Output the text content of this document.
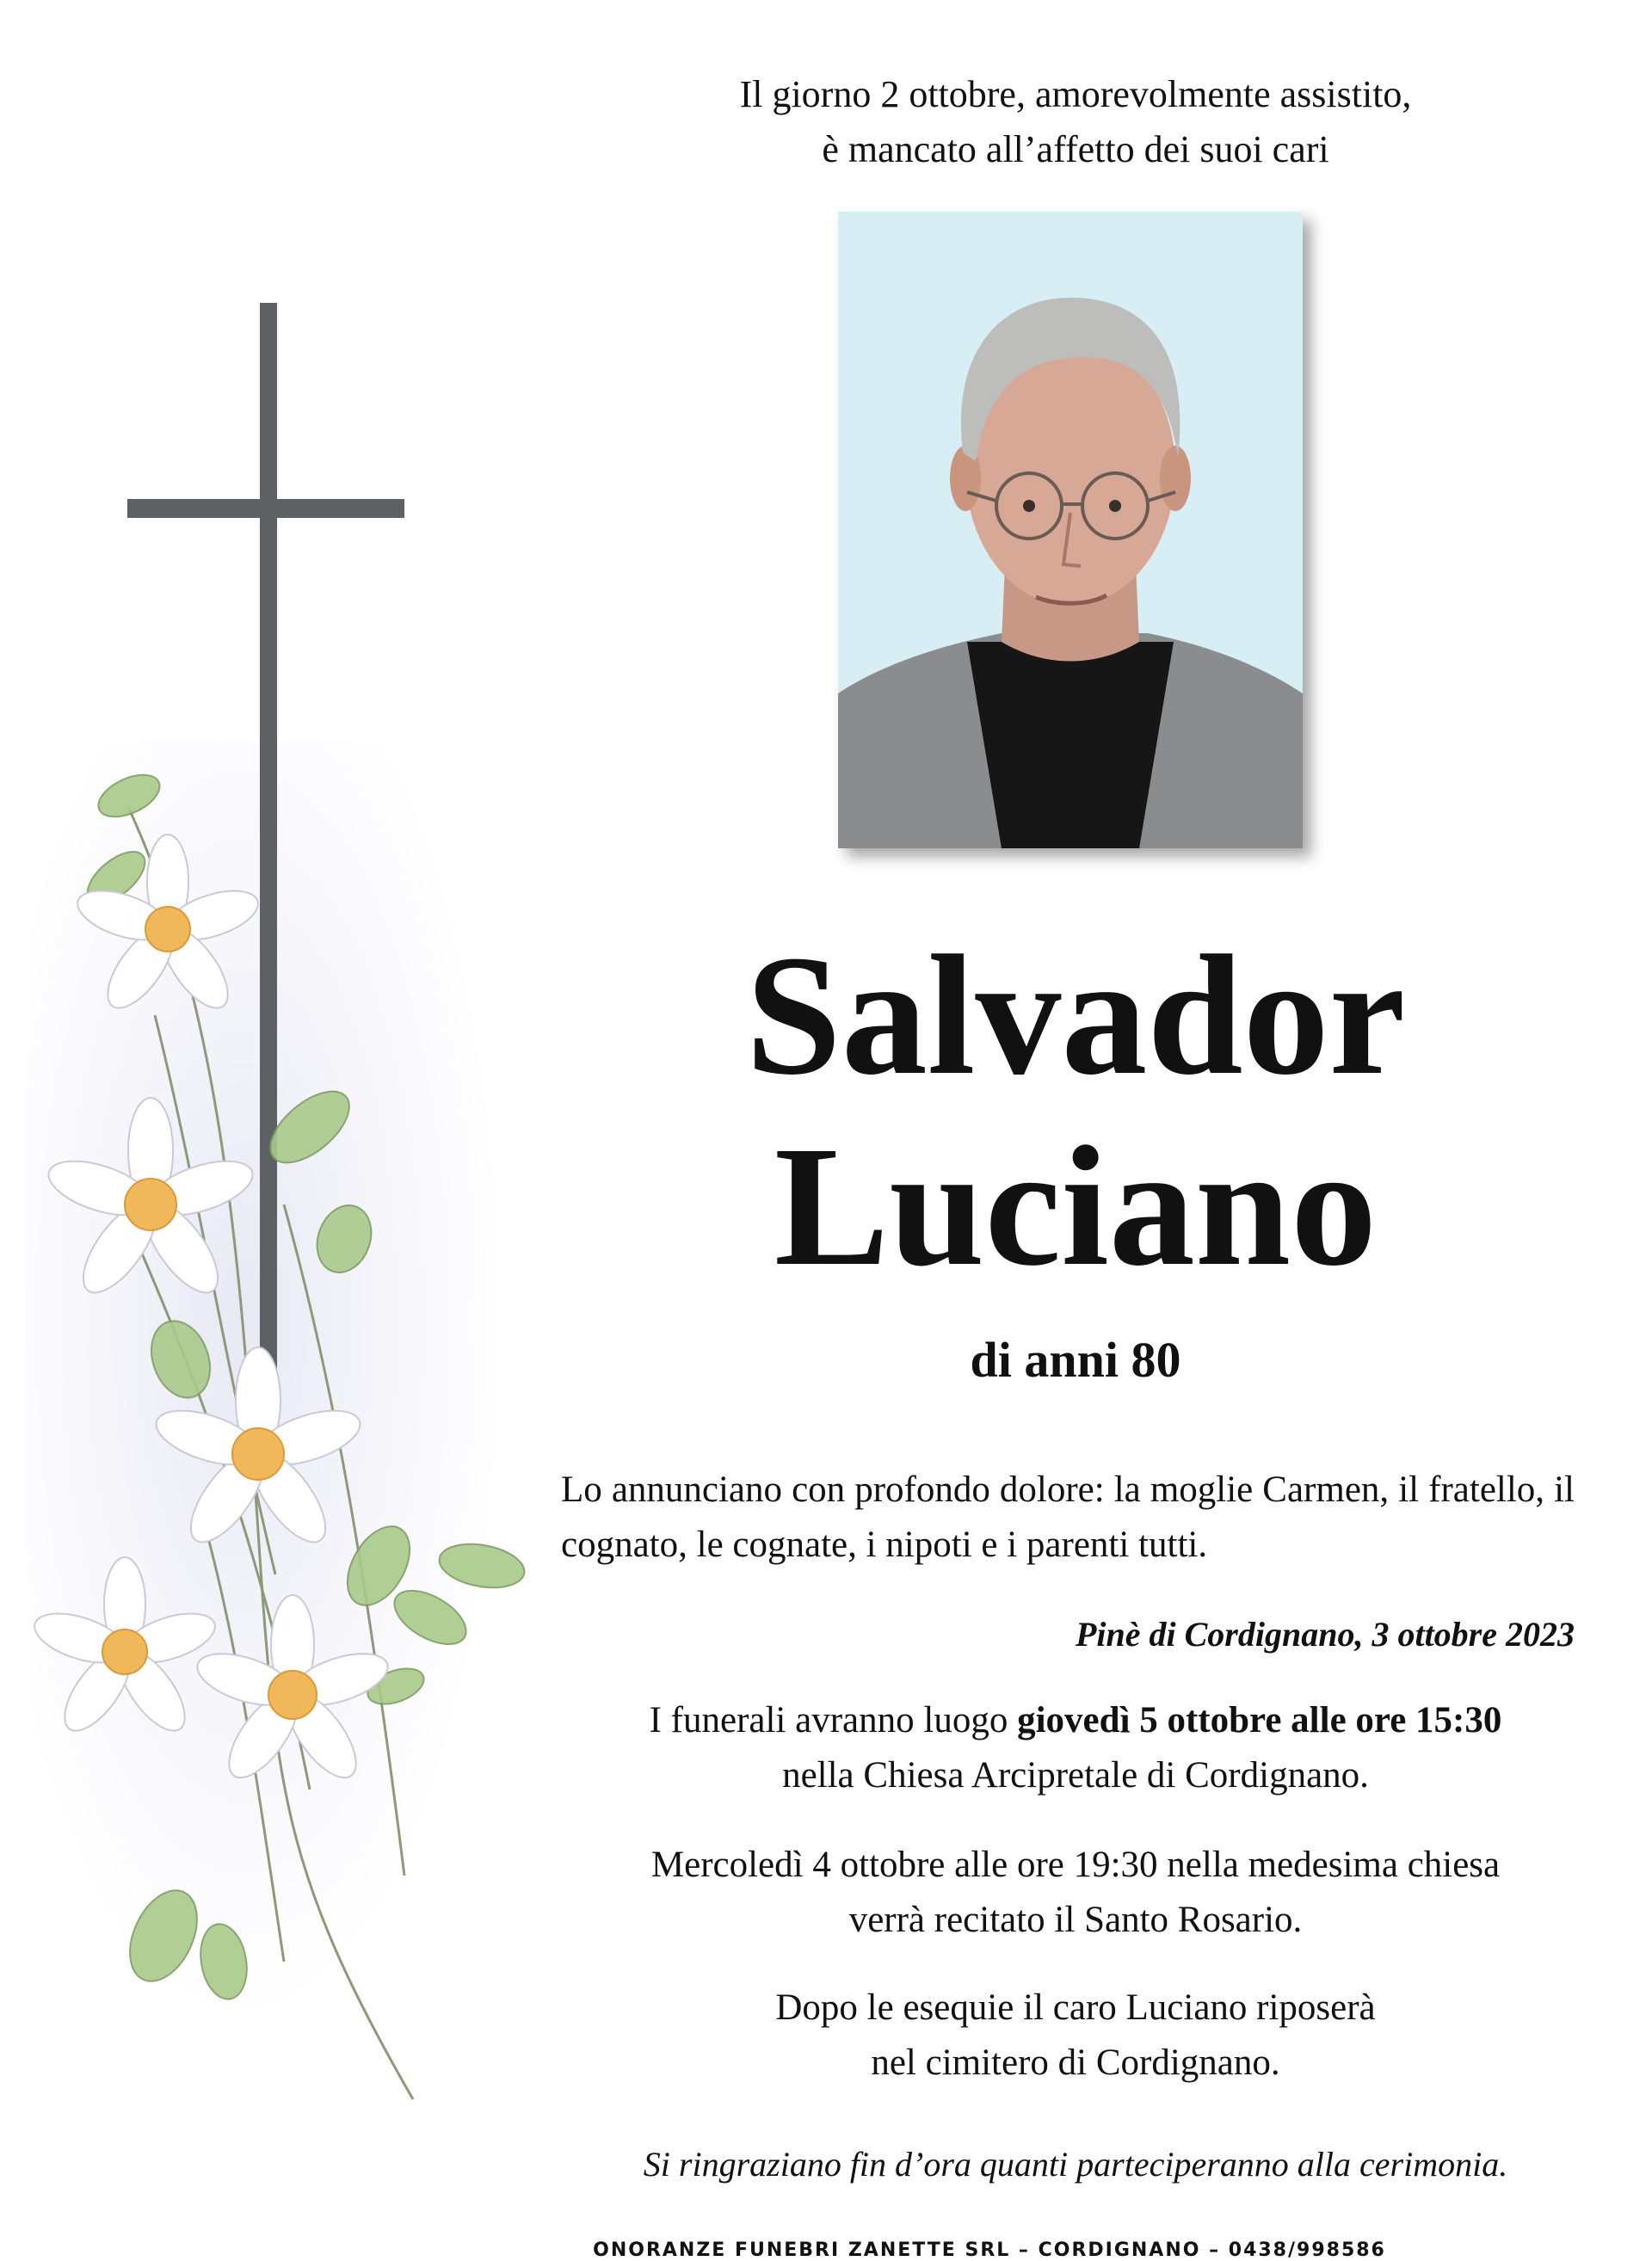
Il giorno 2 ottobre, amorevolmente assistito,

è mancato all’affetto dei suoi cari

Salvador
Luciano
di anni 80
Lo annunciano con profondo dolore: la moglie Carmen, il fratello, il cognato, le cognate, i nipoti e i parenti tutti.
Pinè di Cordignano, 3 ottobre 2023

I funerali avranno luogo giovedì 5 ottobre alle ore 15:30

nella Chiesa Arcipretale di Cordignano.

Mercoledì 4 ottobre alle ore 19:30 nella medesima chiesa

verrà recitato il Santo Rosario.

Dopo le esequie il caro Luciano riposerà

nel cimitero di Cordignano.

Si ringraziano fin d’ora quanti parteciperanno alla cerimonia.
ONORANZE FUNEBRI ZANETTE SRL – CORDIGNANO – 0438/998586
